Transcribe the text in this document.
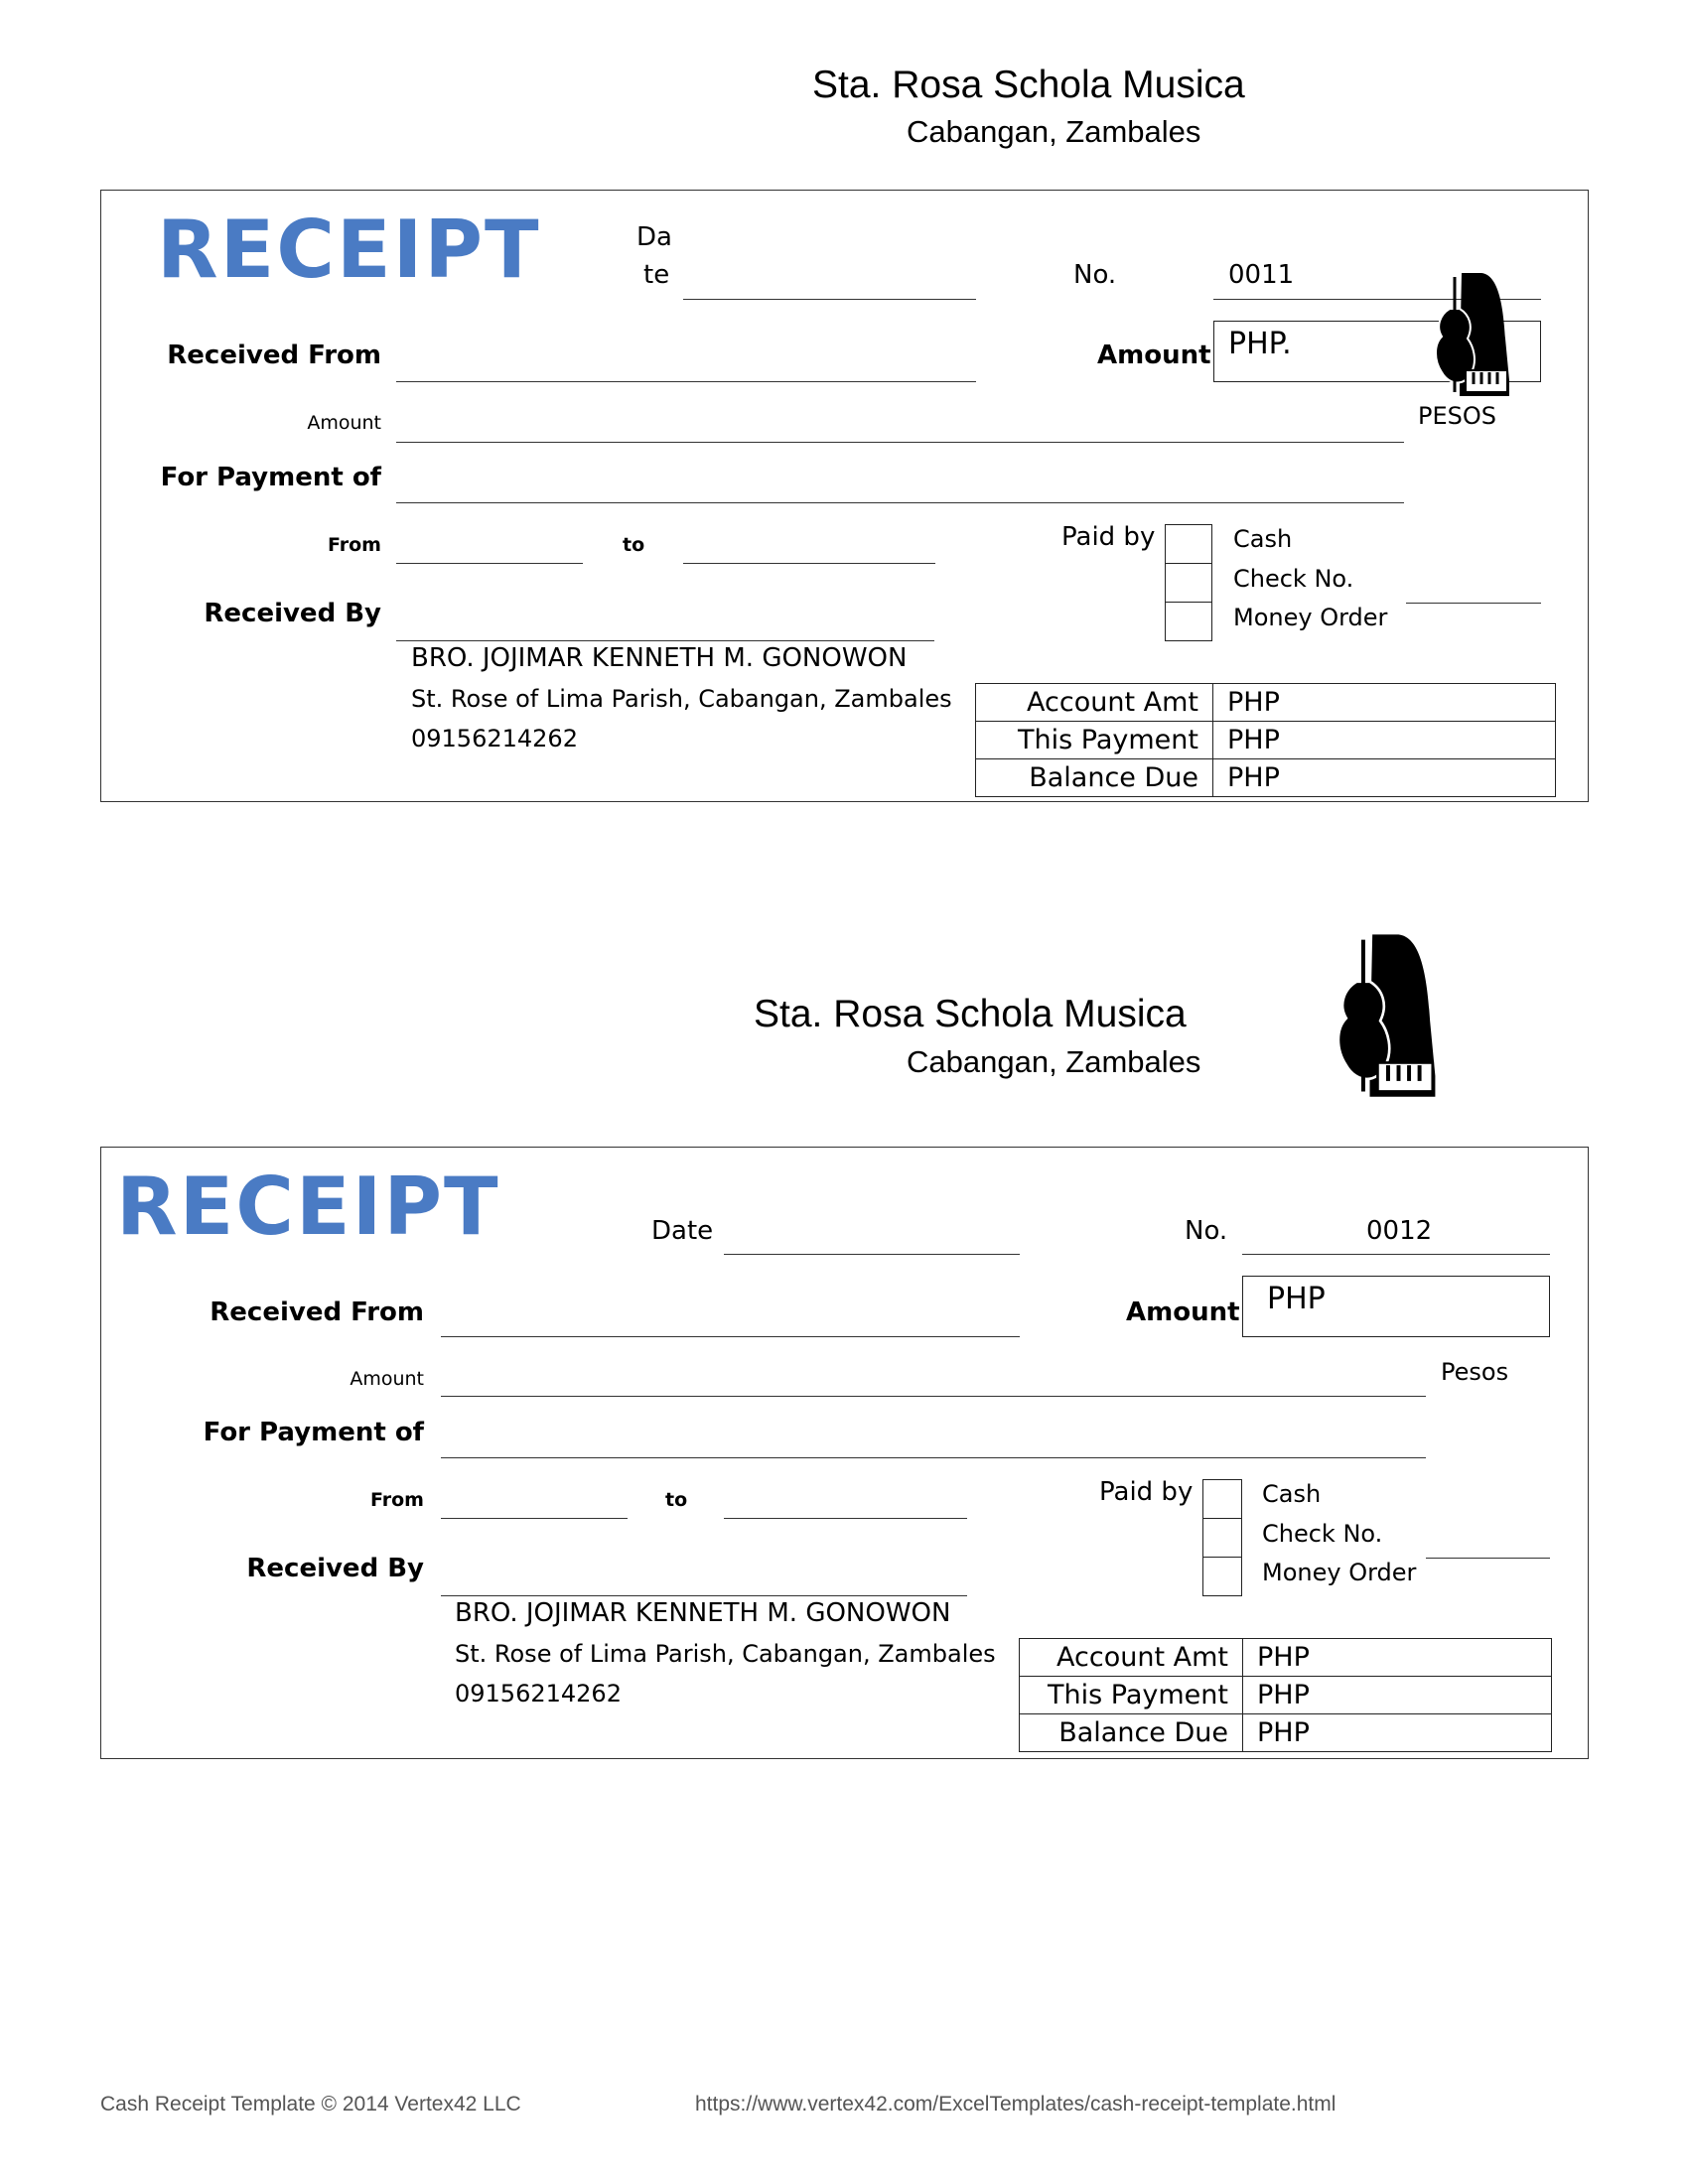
Sta. Rosa Schola Musica
Cabangan, Zambales
RECEIPT	Da
te	No.	0011
Received From	Amount PHP.
Amount	PESOS
For Payment of
From	to	Paid by	Cash
Check No.
Money Order
Received By
BRO. JOJIMAR KENNETH M. GONOWON
St. Rose of Lima Parish, Cabangan, Zambales
09156214262
Account Amt	PHP
This Payment	PHP
Balance Due	PHP
Sta. Rosa Schola Musica
Cabangan, Zambales
RECEIPT	Date	No.	0012
Received From	Amount PHP
Amount	Pesos
For Payment of
From	to	Paid by	Cash
Check No.
Money Order
Received By
BRO. JOJIMAR KENNETH M. GONOWON
St. Rose of Lima Parish, Cabangan, Zambales
09156214262
Account Amt	PHP
This Payment	PHP
Balance Due	PHP
Cash Receipt Template © 2014 Vertex42 LLC	https://www.vertex42.com/ExcelTemplates/cash-receipt-template.html
